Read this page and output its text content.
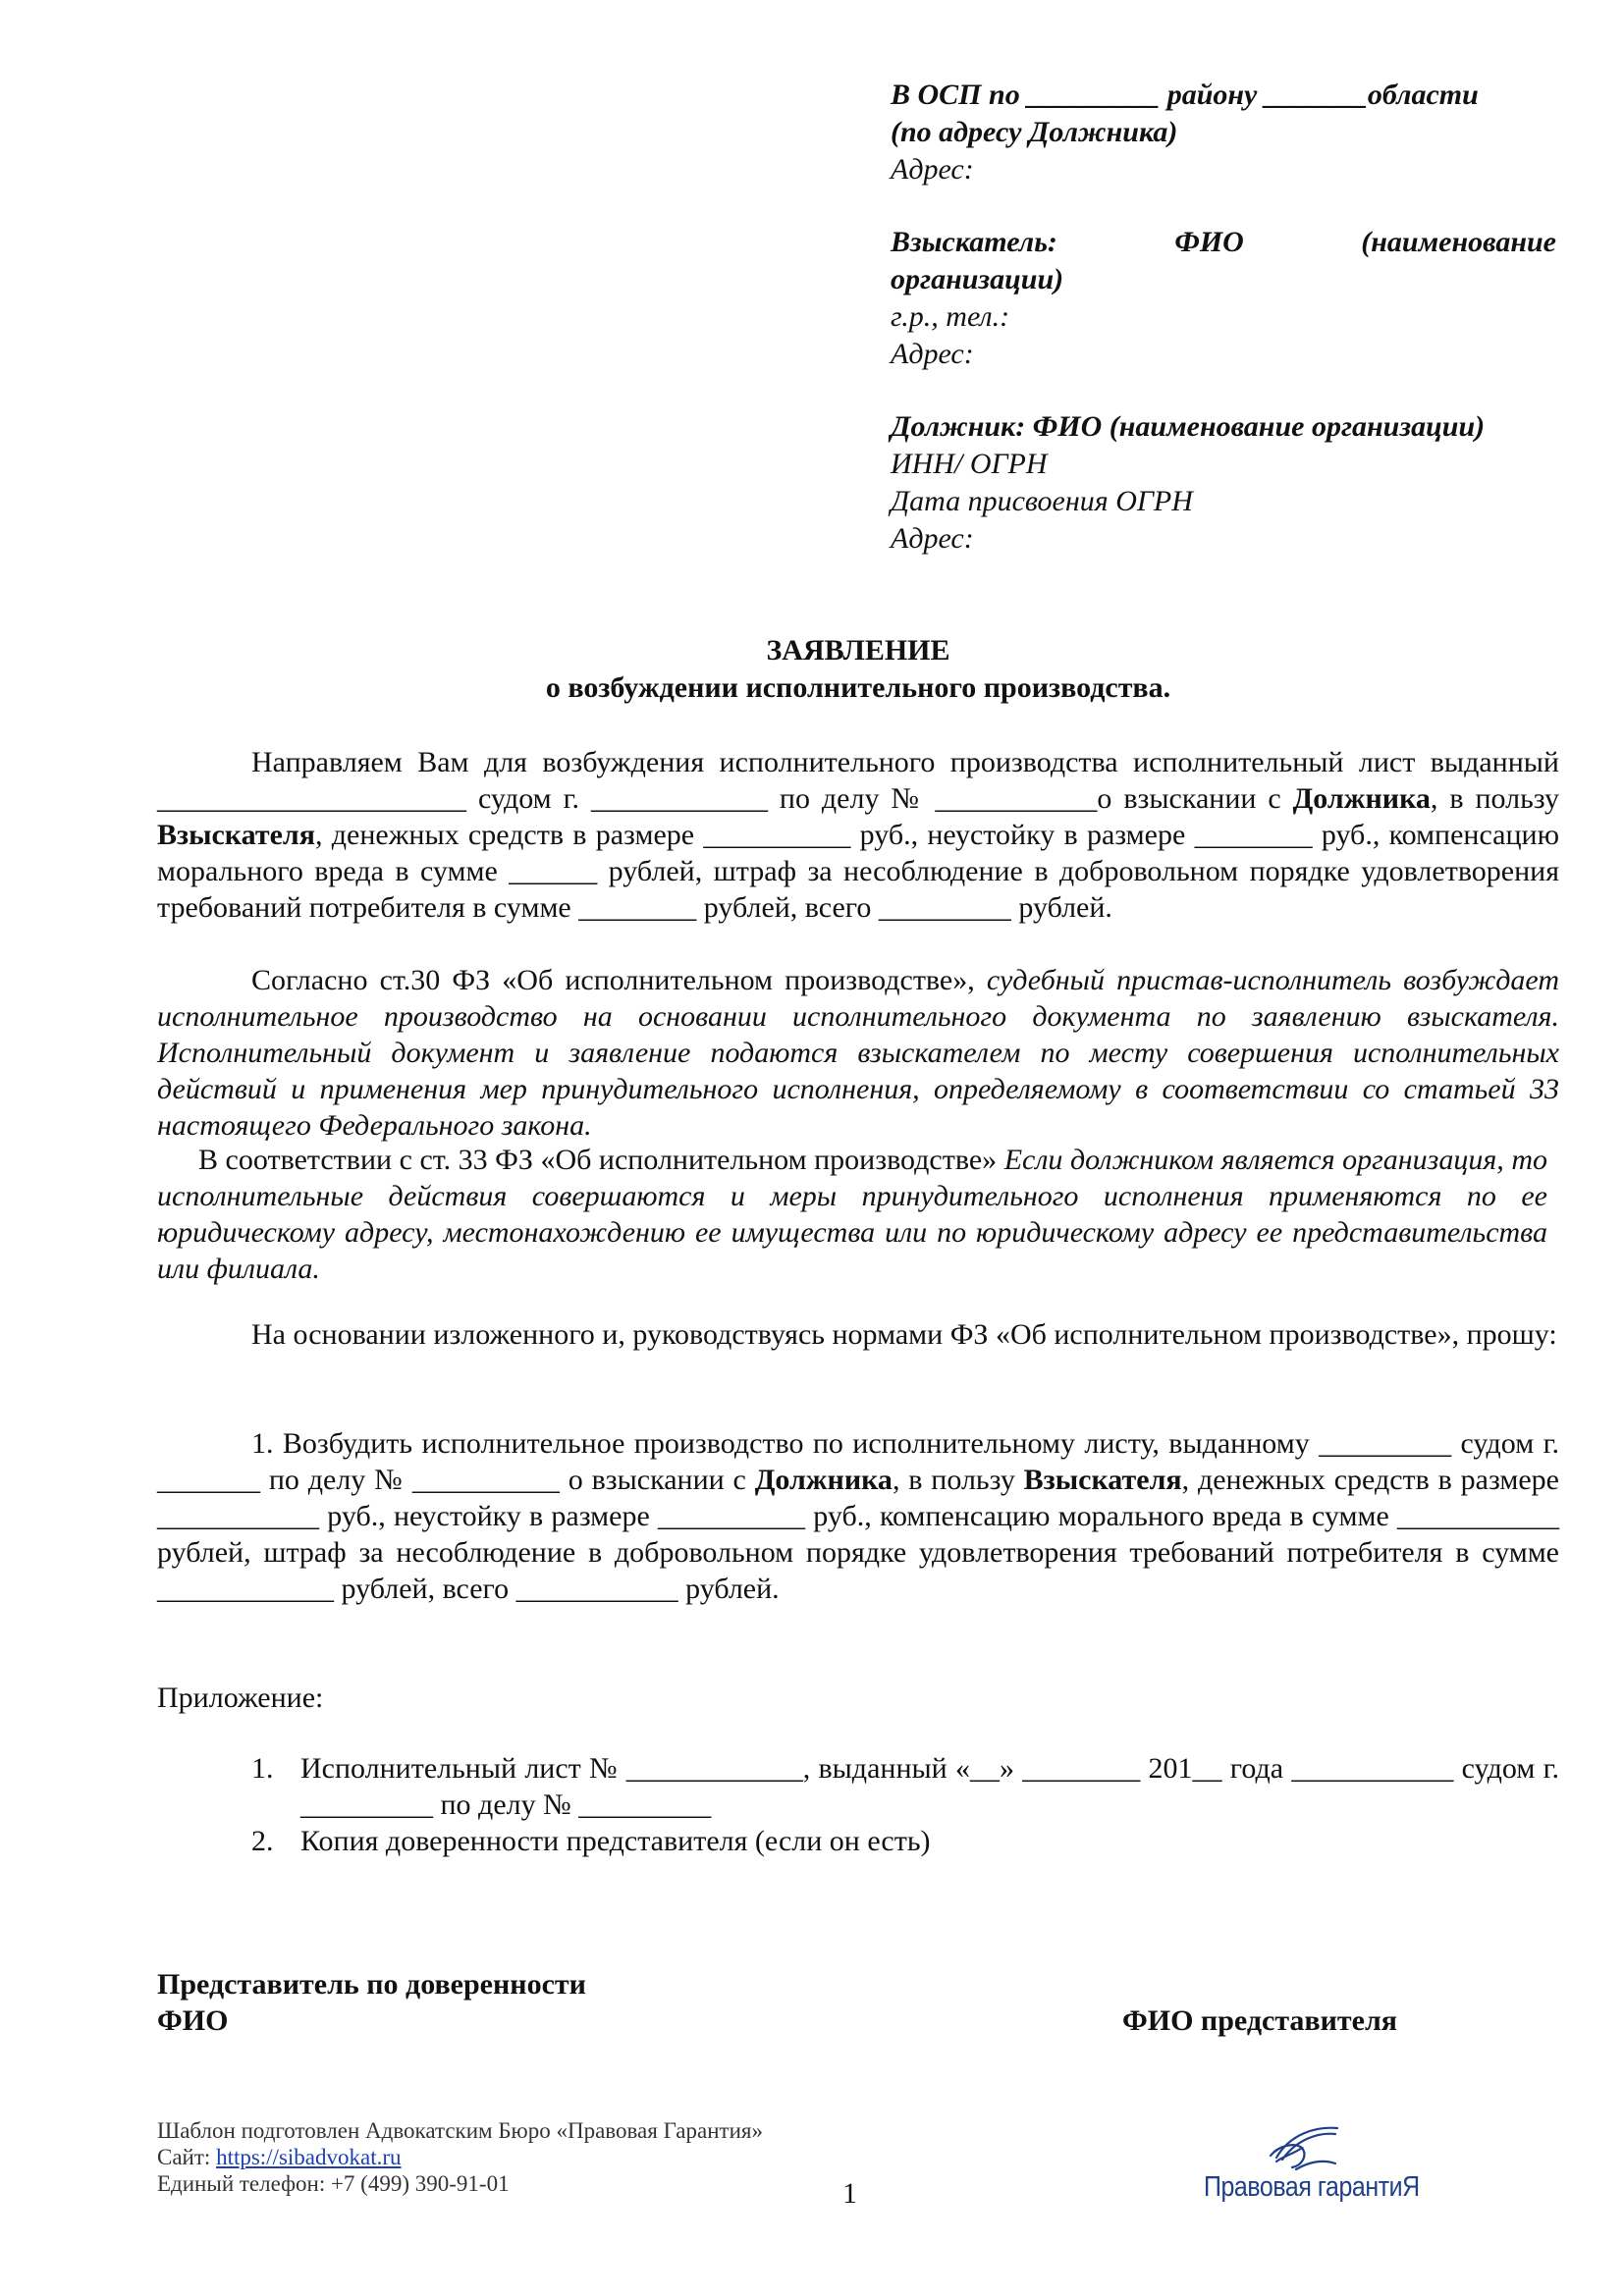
В ОСП по _________ району _______области
(по адресу Должника)
Адрес:
Взыскатель:	ФИО	(наименование
организации)
г.р., тел.:
Адрес:
Должник: ФИО (наименование организации)
ИНН/ ОГРН
Дата присвоения ОГРН
Адрес:
ЗАЯВЛЕНИЕ
о возбуждении исполнительного производства.
Направляем Вам для возбуждения исполнительного производства исполнительный лист выданный _____________________ судом г. ____________ по делу № ___________о взыскании с Должника, в пользу Взыскателя, денежных средств в размере __________ руб., неустойку в размере ________ руб., компенсацию морального вреда в сумме ______ рублей, штраф за несоблюдение в добровольном порядке удовлетворения требований потребителя в сумме ________ рублей, всего _________ рублей.
Согласно ст.30 ФЗ «Об исполнительном производстве», судебный пристав-исполнитель возбуждает исполнительное производство на основании исполнительного документа по заявлению взыскателя. Исполнительный документ и заявление подаются взыскателем по месту совершения исполнительных действий и применения мер принудительного исполнения, определяемому в соответствии со статьей 33 настоящего Федерального закона.
В соответствии с ст. 33 ФЗ «Об исполнительном производстве» Если должником является организация, то исполнительные действия совершаются и меры принудительного исполнения применяются по ее юридическому адресу, местонахождению ее имущества или по юридическому адресу ее представительства или филиала.
На основании изложенного и, руководствуясь нормами ФЗ «Об исполнительном производстве», прошу:
1. Возбудить исполнительное производство по исполнительному листу, выданному _________ судом г. _______ по делу № __________ о взыскании с Должника, в пользу Взыскателя, денежных средств в размере ___________ руб., неустойку в размере __________ руб., компенсацию морального вреда в сумме ___________ рублей, штраф за несоблюдение в добровольном порядке удовлетворения требований потребителя в сумме ____________ рублей, всего ___________ рублей.
Приложение:
1. Исполнительный лист № ____________, выданный «__» ________ 201__ года ___________ судом г. _________ по делу № _________
2. Копия доверенности представителя (если он есть)
Представитель по доверенности
ФИО	ФИО представителя
Шаблон подготовлен Адвокатским Бюро «Правовая Гарантия»
Сайт: https://sibadvokat.ru
Единый телефон: +7 (499) 390-91-01	1	Правовая гарантиЯ
